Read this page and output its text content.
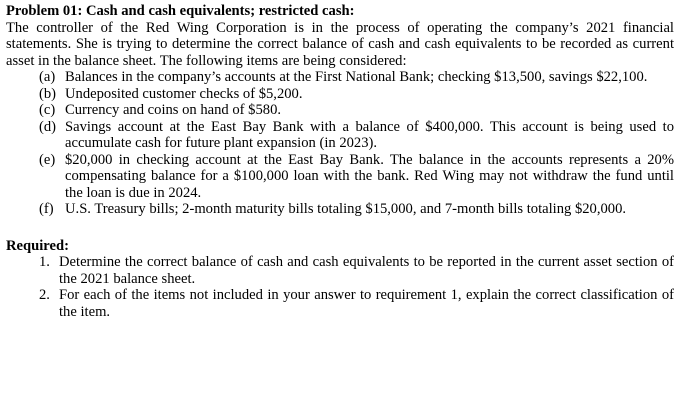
Problem 01: Cash and cash equivalents; restricted cash:

The controller of the Red Wing Corporation is in the process of operating the company’s 2021 financial statements. She is trying to determine the correct balance of cash and cash equivalents to be recorded as current asset in the balance sheet. The following items are being considered:

(a) Balances in the company’s accounts at the First National Bank; checking $13,500, savings $22,100.
(b) Undeposited customer checks of $5,200.
(c) Currency and coins on hand of $580.
(d) Savings account at the East Bay Bank with a balance of $400,000. This account is being used to accumulate cash for future plant expansion (in 2023).
(e) $20,000 in checking account at the East Bay Bank. The balance in the accounts represents a 20% compensating balance for a $100,000 loan with the bank. Red Wing may not withdraw the fund until the loan is due in 2024.
(f) U.S. Treasury bills; 2-month maturity bills totaling $15,000, and 7-month bills totaling $20,000.
Required:
1. Determine the correct balance of cash and cash equivalents to be reported in the current asset section of the 2021 balance sheet.
2. For each of the items not included in your answer to requirement 1, explain the correct classification of the item.
